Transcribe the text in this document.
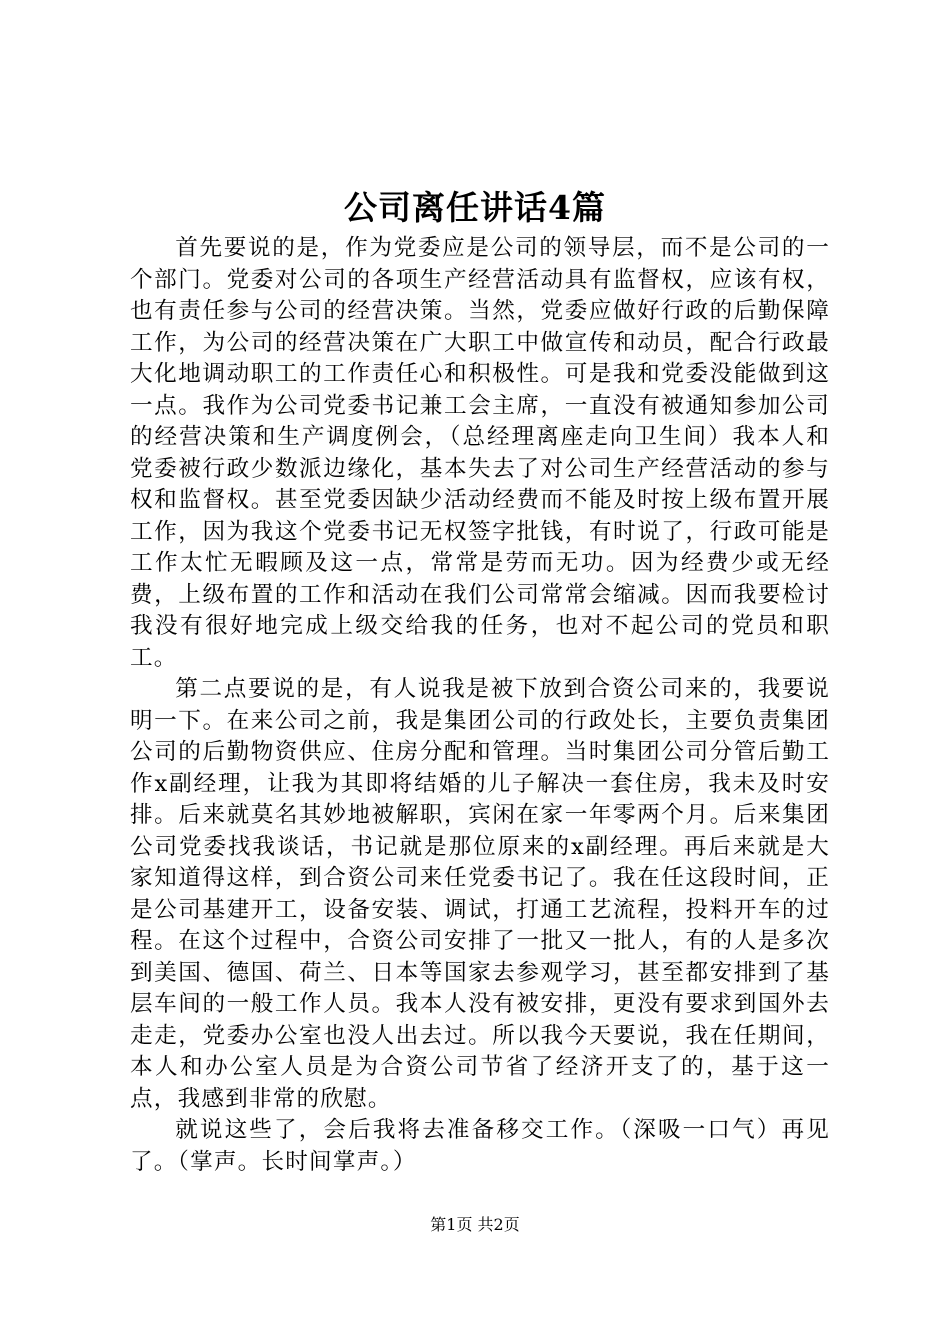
公司离任讲话4篇

首先要说的是，作为党委应是公司的领导层，而不是公司的一个部门。党委对公司的各项生产经营活动具有监督权，应该有权，也有责任参与公司的经营决策。当然，党委应做好行政的后勤保障工作，为公司的经营决策在广大职工中做宣传和动员，配合行政最大化地调动职工的工作责任心和积极性。可是我和党委没能做到这一点。我作为公司党委书记兼工会主席，一直没有被通知参加公司的经营决策和生产调度例会，（总经理离座走向卫生间）我本人和党委被行政少数派边缘化，基本失去了对公司生产经营活动的参与权和监督权。甚至党委因缺少活动经费而不能及时按上级布置开展工作，因为我这个党委书记无权签字批钱，有时说了，行政可能是工作太忙无暇顾及这一点，常常是劳而无功。因为经费少或无经费，上级布置的工作和活动在我们公司常常会缩减。因而我要检讨我没有很好地完成上级交给我的任务，也对不起公司的党员和职工。

第二点要说的是，有人说我是被下放到合资公司来的，我要说明一下。在来公司之前，我是集团公司的行政处长，主要负责集团公司的后勤物资供应、住房分配和管理。当时集团公司分管后勤工作x副经理，让我为其即将结婚的儿子解决一套住房，我未及时安排。后来就莫名其妙地被解职，宾闲在家一年零两个月。后来集团公司党委找我谈话，书记就是那位原来的x副经理。再后来就是大家知道得这样，到合资公司来任党委书记了。我在任这段时间，正是公司基建开工，设备安装、调试，打通工艺流程，投料开车的过程。在这个过程中，合资公司安排了一批又一批人，有的人是多次到美国、德国、荷兰、日本等国家去参观学习，甚至都安排到了基层车间的一般工作人员。我本人没有被安排，更没有要求到国外去走走，党委办公室也没人出去过。所以我今天要说，我在任期间，本人和办公室人员是为合资公司节省了经济开支了的，基于这一点，我感到非常的欣慰。

就说这些了，会后我将去准备移交工作。（深吸一口气）再见了。（掌声。长时间掌声。）

第1页 共2页
